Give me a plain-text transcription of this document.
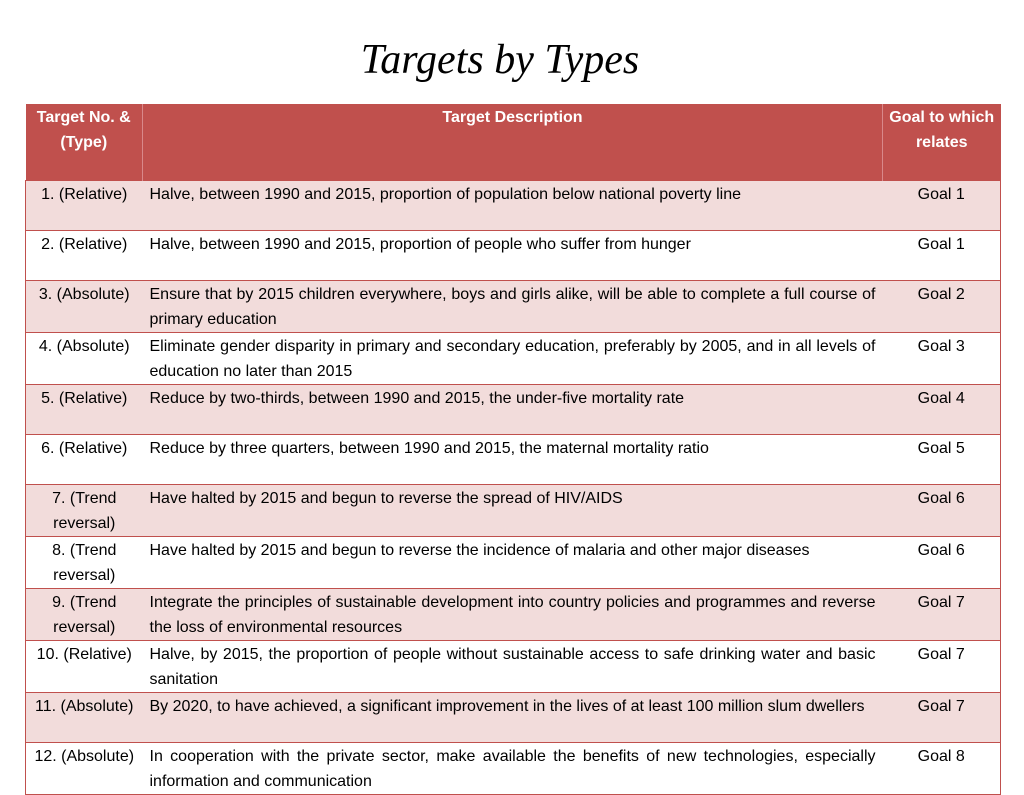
Targets by Types
Target No. & (Type)	Target Description	Goal to which relates
1. (Relative)	Halve, between 1990 and 2015, proportion of population below national poverty line	Goal 1
2. (Relative)	Halve, between 1990 and 2015, proportion of people who suffer from hunger	Goal 1
3. (Absolute)	Ensure that by 2015 children everywhere, boys and girls alike, will be able to complete a full course of primary education	Goal 2
4. (Absolute)	Eliminate gender disparity in primary and secondary education, preferably by 2005, and in all levels of education no later than 2015	Goal 3
5. (Relative)	Reduce by two-thirds, between 1990 and 2015, the under-five mortality rate	Goal 4
6. (Relative)	Reduce by three quarters, between 1990 and 2015, the maternal mortality ratio	Goal 5
7. (Trend reversal)	Have halted by 2015 and begun to reverse the spread of HIV/AIDS	Goal 6
8. (Trend reversal)	Have halted by 2015 and begun to reverse the incidence of malaria and other major diseases	Goal 6
9. (Trend reversal)	Integrate the principles of sustainable development into country policies and programmes and reverse the loss of environmental resources	Goal 7
10. (Relative)	Halve, by 2015, the proportion of people without sustainable access to safe drinking water and basic sanitation	Goal 7
11. (Absolute)	By 2020, to have achieved, a significant improvement in the lives of at least 100 million slum dwellers	Goal 7
12. (Absolute)	In cooperation with the private sector, make available the benefits of new technologies, especially information and communication	Goal 8
